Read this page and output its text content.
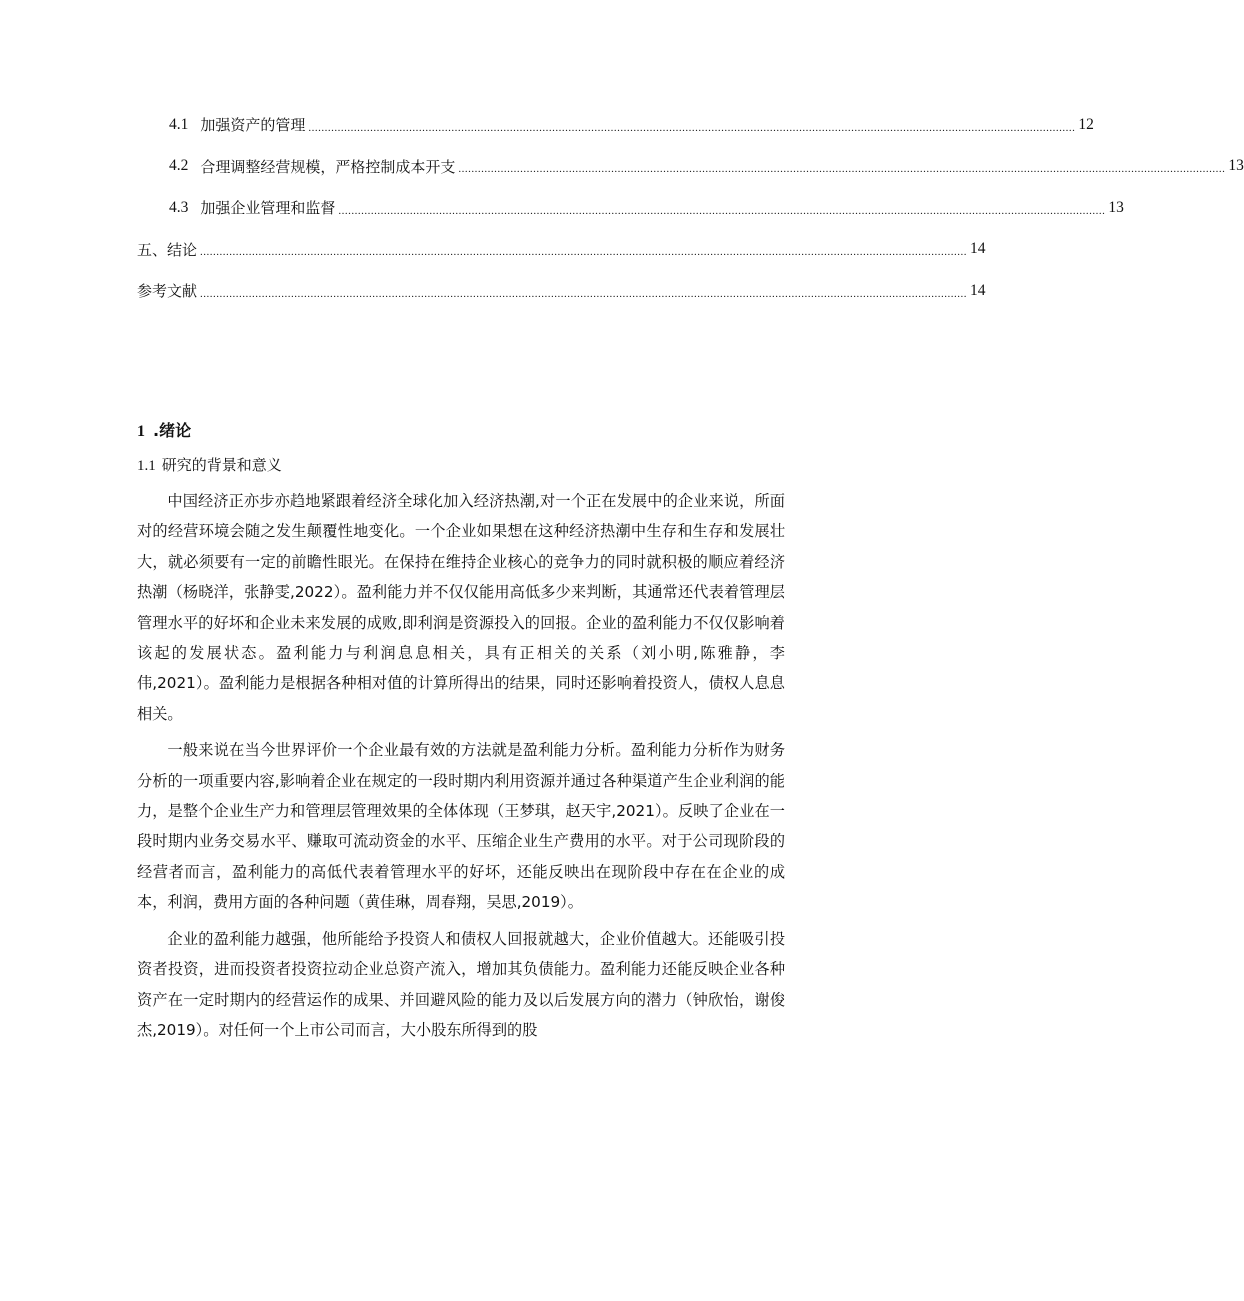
4.1 加强资产的管理 ............................................................................................................................................................................................................................................ 12
4.2 合理调整经营规模，严格控制成本开支 ............................................................................................................................................................................................................................................ 13
4.3 加强企业管理和监督 ............................................................................................................................................................................................................................................ 13
五、结论 ............................................................................................................................................................................................................................................ 14
参考文献 ............................................................................................................................................................................................................................................ 14
1 .绪论
1.1 研究的背景和意义

中国经济正亦步亦趋地紧跟着经济全球化加入经济热潮,对一个正在发展中的企业来说，所面对的经营环境会随之发生颠覆性地变化。一个企业如果想在这种经济热潮中生存和生存和发展壮大，就必须要有一定的前瞻性眼光。在保持在维持企业核心的竞争力的同时就积极的顺应着经济热潮（杨晓洋，张静雯,2022）。盈利能力并不仅仅能用高低多少来判断，其通常还代表着管理层管理水平的好坏和企业未来发展的成败,即利润是资源投入的回报。企业的盈利能力不仅仅影响着该起的发展状态。盈利能力与利润息息相关，具有正相关的关系（刘小明,陈雅静，李伟,2021）。盈利能力是根据各种相对值的计算所得出的结果，同时还影响着投资人，债权人息息相关。

一般来说在当今世界评价一个企业最有效的方法就是盈利能力分析。盈利能力分析作为财务分析的一项重要内容,影响着企业在规定的一段时期内利用资源并通过各种渠道产生企业利润的能力，是整个企业生产力和管理层管理效果的全体体现（王梦琪，赵天宇,2021）。反映了企业在一段时期内业务交易水平、赚取可流动资金的水平、压缩企业生产费用的水平。对于公司现阶段的经营者而言，盈利能力的高低代表着管理水平的好坏，还能反映出在现阶段中存在在企业的成本，利润，费用方面的各种问题（黄佳琳，周春翔，吴思,2019）。

企业的盈利能力越强，他所能给予投资人和债权人回报就越大，企业价值越大。还能吸引投资者投资，进而投资者投资拉动企业总资产流入，增加其负债能力。盈利能力还能反映企业各种资产在一定时期内的经营运作的成果、并回避风险的能力及以后发展方向的潜力（钟欣怡，谢俊杰,2019）。对任何一个上市公司而言，大小股东所得到的股
